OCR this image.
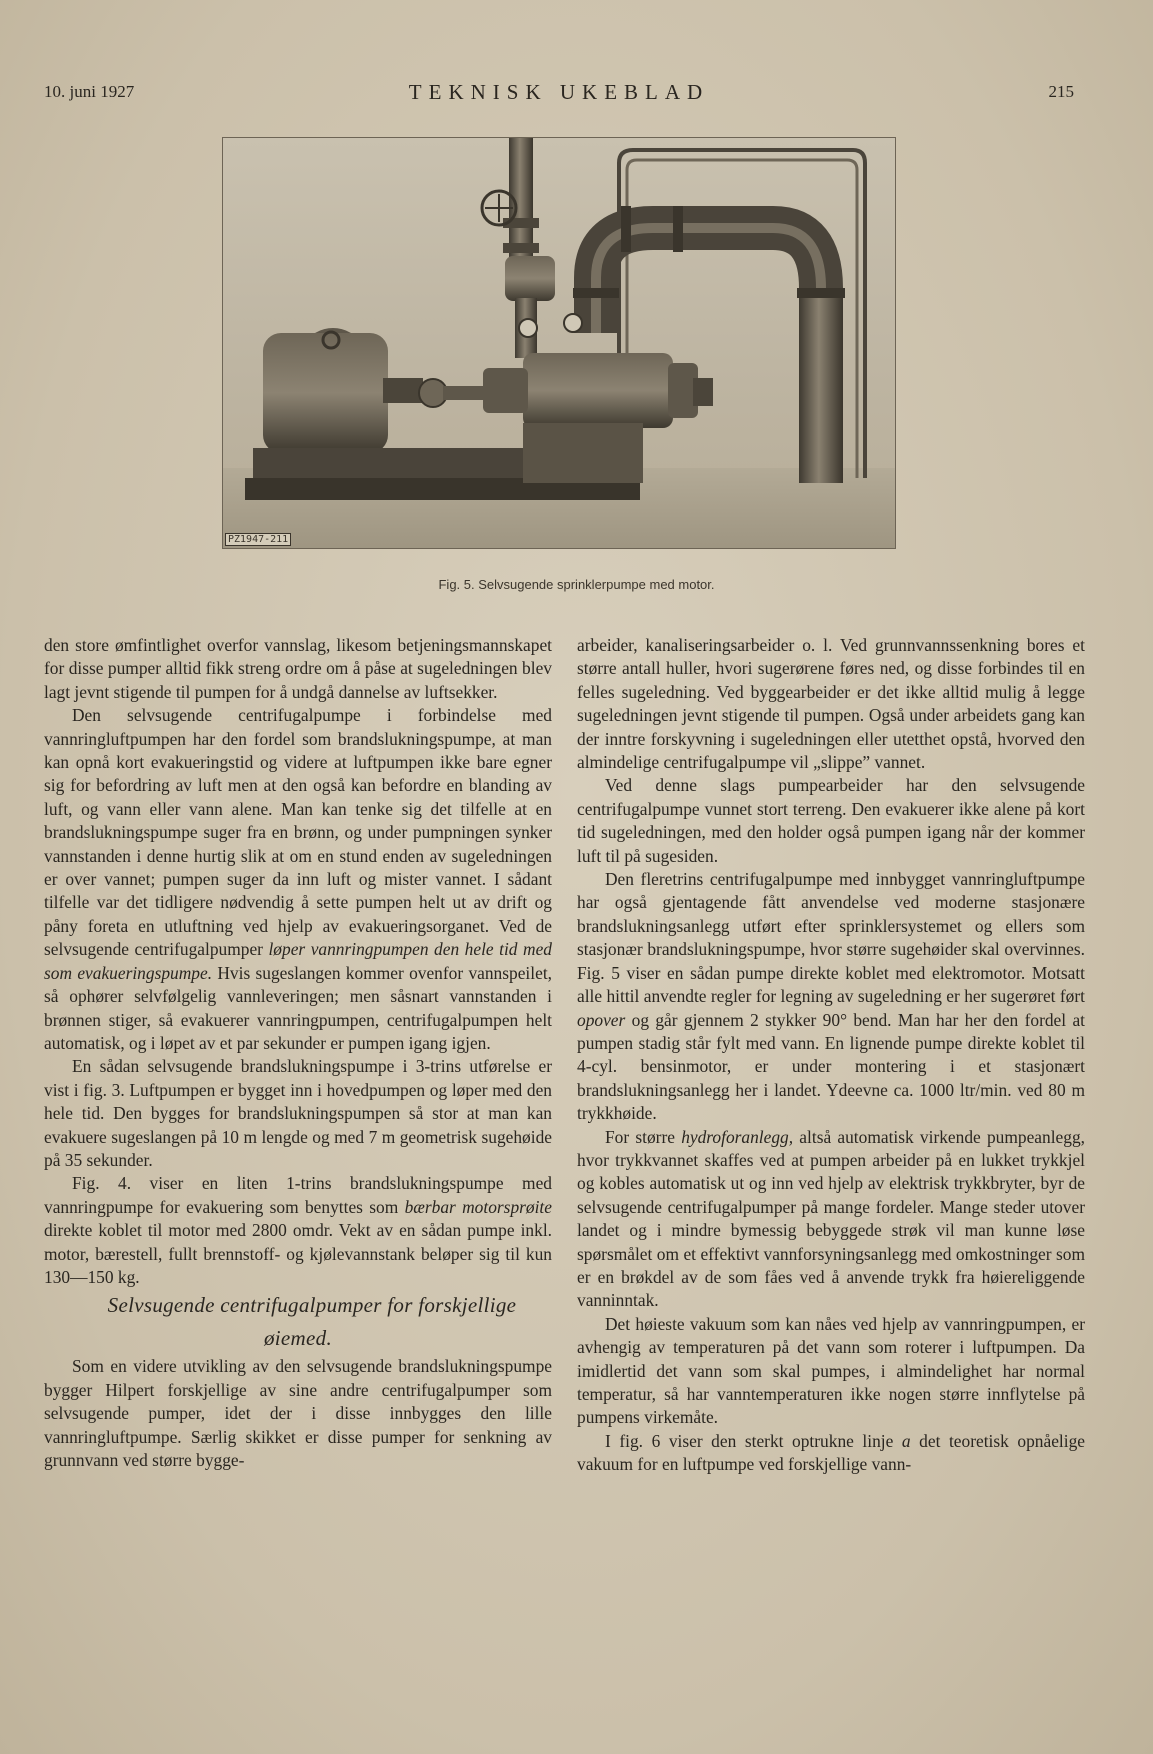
10. juni 1927	TEKNISK UKEBLAD	215
PZ1947-211
Fig. 5. Selvsugende sprinklerpumpe med motor.

den store ømfintlighet overfor vannslag, likesom betjeningsmannskapet for disse pumper alltid fikk streng ordre om å påse at sugeledningen blev lagt jevnt stigende til pumpen for å undgå dannelse av luftsekker.

Den selvsugende centrifugalpumpe i forbindelse med vannringluftpumpen har den fordel som brandslukningspumpe, at man kan opnå kort evakueringstid og videre at luftpumpen ikke bare egner sig for befordring av luft men at den også kan befordre en blanding av luft, og vann eller vann alene. Man kan tenke sig det tilfelle at en brandslukningspumpe suger fra en brønn, og under pumpningen synker vannstanden i denne hurtig slik at om en stund enden av sugeledningen er over vannet; pumpen suger da inn luft og mister vannet. I sådant tilfelle var det tidligere nødvendig å sette pumpen helt ut av drift og påny foreta en utluftning ved hjelp av evakueringsorganet. Ved de selvsugende centrifugalpumper løper vannringpumpen den hele tid med som evakueringspumpe. Hvis sugeslangen kommer ovenfor vannspeilet, så ophører selvfølgelig vannleveringen; men såsnart vannstanden i brønnen stiger, så evakuerer vannringpumpen, centrifugalpumpen helt automatisk, og i løpet av et par sekunder er pumpen igang igjen.

En sådan selvsugende brandslukningspumpe i 3-trins utførelse er vist i fig. 3. Luftpumpen er bygget inn i hovedpumpen og løper med den hele tid. Den bygges for brandslukningspumpen så stor at man kan evakuere sugeslangen på 10 m lengde og med 7 m geometrisk sugehøide på 35 sekunder.

Fig. 4. viser en liten 1-trins brandslukningspumpe med vannringpumpe for evakuering som benyttes som bærbar motorsprøite direkte koblet til motor med 2800 omdr. Vekt av en sådan pumpe inkl. motor, bærestell, fullt brennstoff- og kjølevannstank beløper sig til kun 130—150 kg.

Selvsugende centrifugalpumper for forskjellige øiemed.

Som en videre utvikling av den selvsugende brandslukningspumpe bygger Hilpert forskjellige av sine andre centrifugalpumper som selvsugende pumper, idet der i disse innbygges den lille vannringluftpumpe. Særlig skikket er disse pumper for senkning av grunnvann ved større bygge-

arbeider, kanaliseringsarbeider o. l. Ved grunnvannssenkning bores et større antall huller, hvori sugerørene føres ned, og disse forbindes til en felles sugeledning. Ved byggearbeider er det ikke alltid mulig å legge sugeledningen jevnt stigende til pumpen. Også under arbeidets gang kan der inntre forskyvning i sugeledningen eller utetthet opstå, hvorved den almindelige centrifugalpumpe vil „slippe” vannet.

Ved denne slags pumpearbeider har den selvsugende centrifugalpumpe vunnet stort terreng. Den evakuerer ikke alene på kort tid sugeledningen, med den holder også pumpen igang når der kommer luft til på sugesiden.

Den fleretrins centrifugalpumpe med innbygget vannringluftpumpe har også gjentagende fått anvendelse ved moderne stasjonære brandslukningsanlegg utført efter sprinklersystemet og ellers som stasjonær brandslukningspumpe, hvor større sugehøider skal overvinnes. Fig. 5 viser en sådan pumpe direkte koblet med elektromotor. Motsatt alle hittil anvendte regler for legning av sugeledning er her sugerøret ført opover og går gjennem 2 stykker 90° bend. Man har her den fordel at pumpen stadig står fylt med vann. En lignende pumpe direkte koblet til 4-cyl. bensinmotor, er under montering i et stasjonært brandslukningsanlegg her i landet. Ydeevne ca. 1000 ltr/min. ved 80 m trykkhøide.

For større hydroforanlegg, altså automatisk virkende pumpeanlegg, hvor trykkvannet skaffes ved at pumpen arbeider på en lukket trykkjel og kobles automatisk ut og inn ved hjelp av elektrisk trykkbryter, byr de selvsugende centrifugalpumper på mange fordeler. Mange steder utover landet og i mindre bymessig bebyggede strøk vil man kunne løse spørsmålet om et effektivt vannforsyningsanlegg med omkostninger som er en brøkdel av de som fåes ved å anvende trykk fra høiereliggende vanninntak.

Det høieste vakuum som kan nåes ved hjelp av vannringpumpen, er avhengig av temperaturen på det vann som roterer i luftpumpen. Da imidlertid det vann som skal pumpes, i almindelighet har normal temperatur, så har vanntemperaturen ikke nogen større innflytelse på pumpens virkemåte.

I fig. 6 viser den sterkt optrukne linje a det teoretisk opnåelige vakuum for en luftpumpe ved forskjellige vann-
